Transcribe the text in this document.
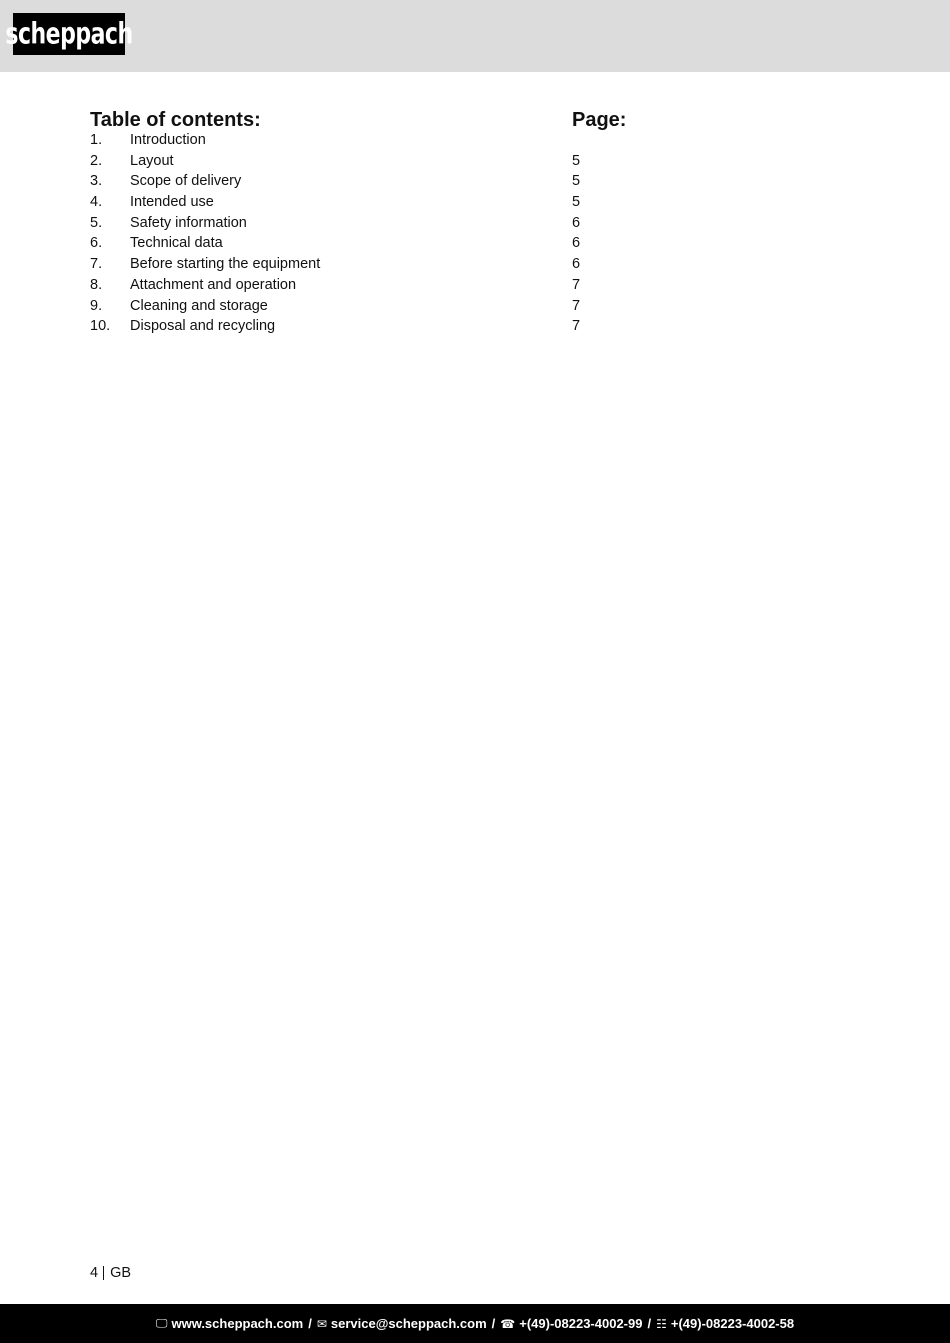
scheppach
Table of contents:	Page:
1. Introduction
2. Layout	5
3. Scope of delivery	5
4. Intended use	5
5. Safety information	6
6. Technical data	6
7. Before starting the equipment	6
8. Attachment and operation	7
9. Cleaning and storage	7
10. Disposal and recycling	7
4 GB
🖵 www.scheppach.com / ✉ service@scheppach.com / ☎ +(49)-08223-4002-99 / ☷ +(49)-08223-4002-58
